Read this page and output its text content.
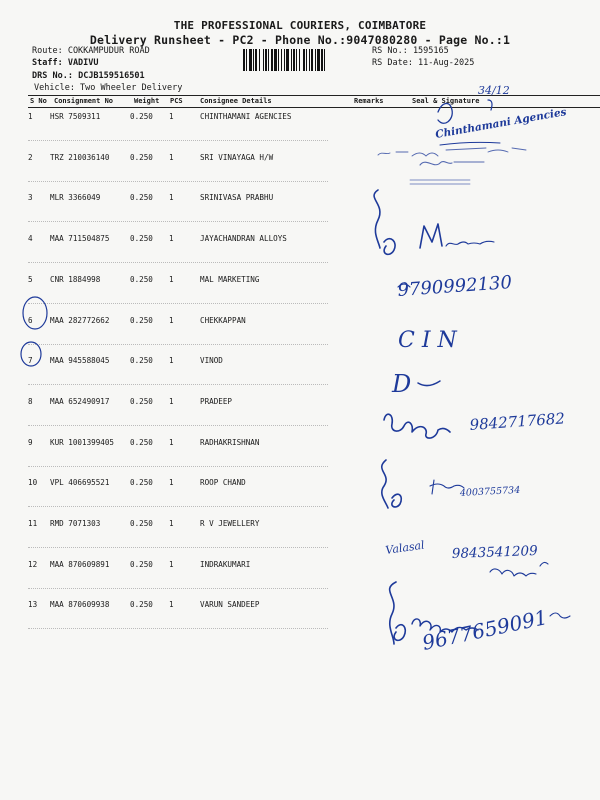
THE PROFESSIONAL COURIERS, COIMBATORE
Delivery Runsheet - PC2 - Phone No.:9047080280 - Page No.:1
Route: COKKAMPUDUR ROAD
Staff: VADIVU
DRS No.: DCJB159516501
Vehicle: Two Wheeler Delivery
RS No.: 1595165
RS Date: 11-Aug-2025
S No Consignment No	Weight PCS Consignee Details	Remarks	Seal & Signature
1 HSR 7509311	0.250 1	CHINTHAMANI AGENCIES
2 TRZ 210036140	0.250 1	SRI VINAYAGA H/W
3 MLR 3366049	0.250 1	SRINIVASA PRABHU
4 MAA 711504875	0.250 1	JAYACHANDRAN ALLOYS
5 CNR 1884998	0.250 1	MAL MARKETING
6 MAA 282772662	0.250 1	CHEKKAPPAN
7 MAA 945588045	0.250 1	VINOD
8 MAA 652490917	0.250 1	PRADEEP
9 KUR 1001399405 0.250 1	RADHAKRISHNAN
10 VPL 406695521	0.250 1	ROOP CHAND
11 RMD 7071303	0.250 1	R V JEWELLERY
12 MAA 870609891	0.250 1	INDRAKUMARI
13 MAA 870609938	0.250 1	VARUN SANDEEP
34/12
Chinthamani Agencies
9790992130
C I N
D
9842717682
4003755734
Valasal 9843541209
9677659091
